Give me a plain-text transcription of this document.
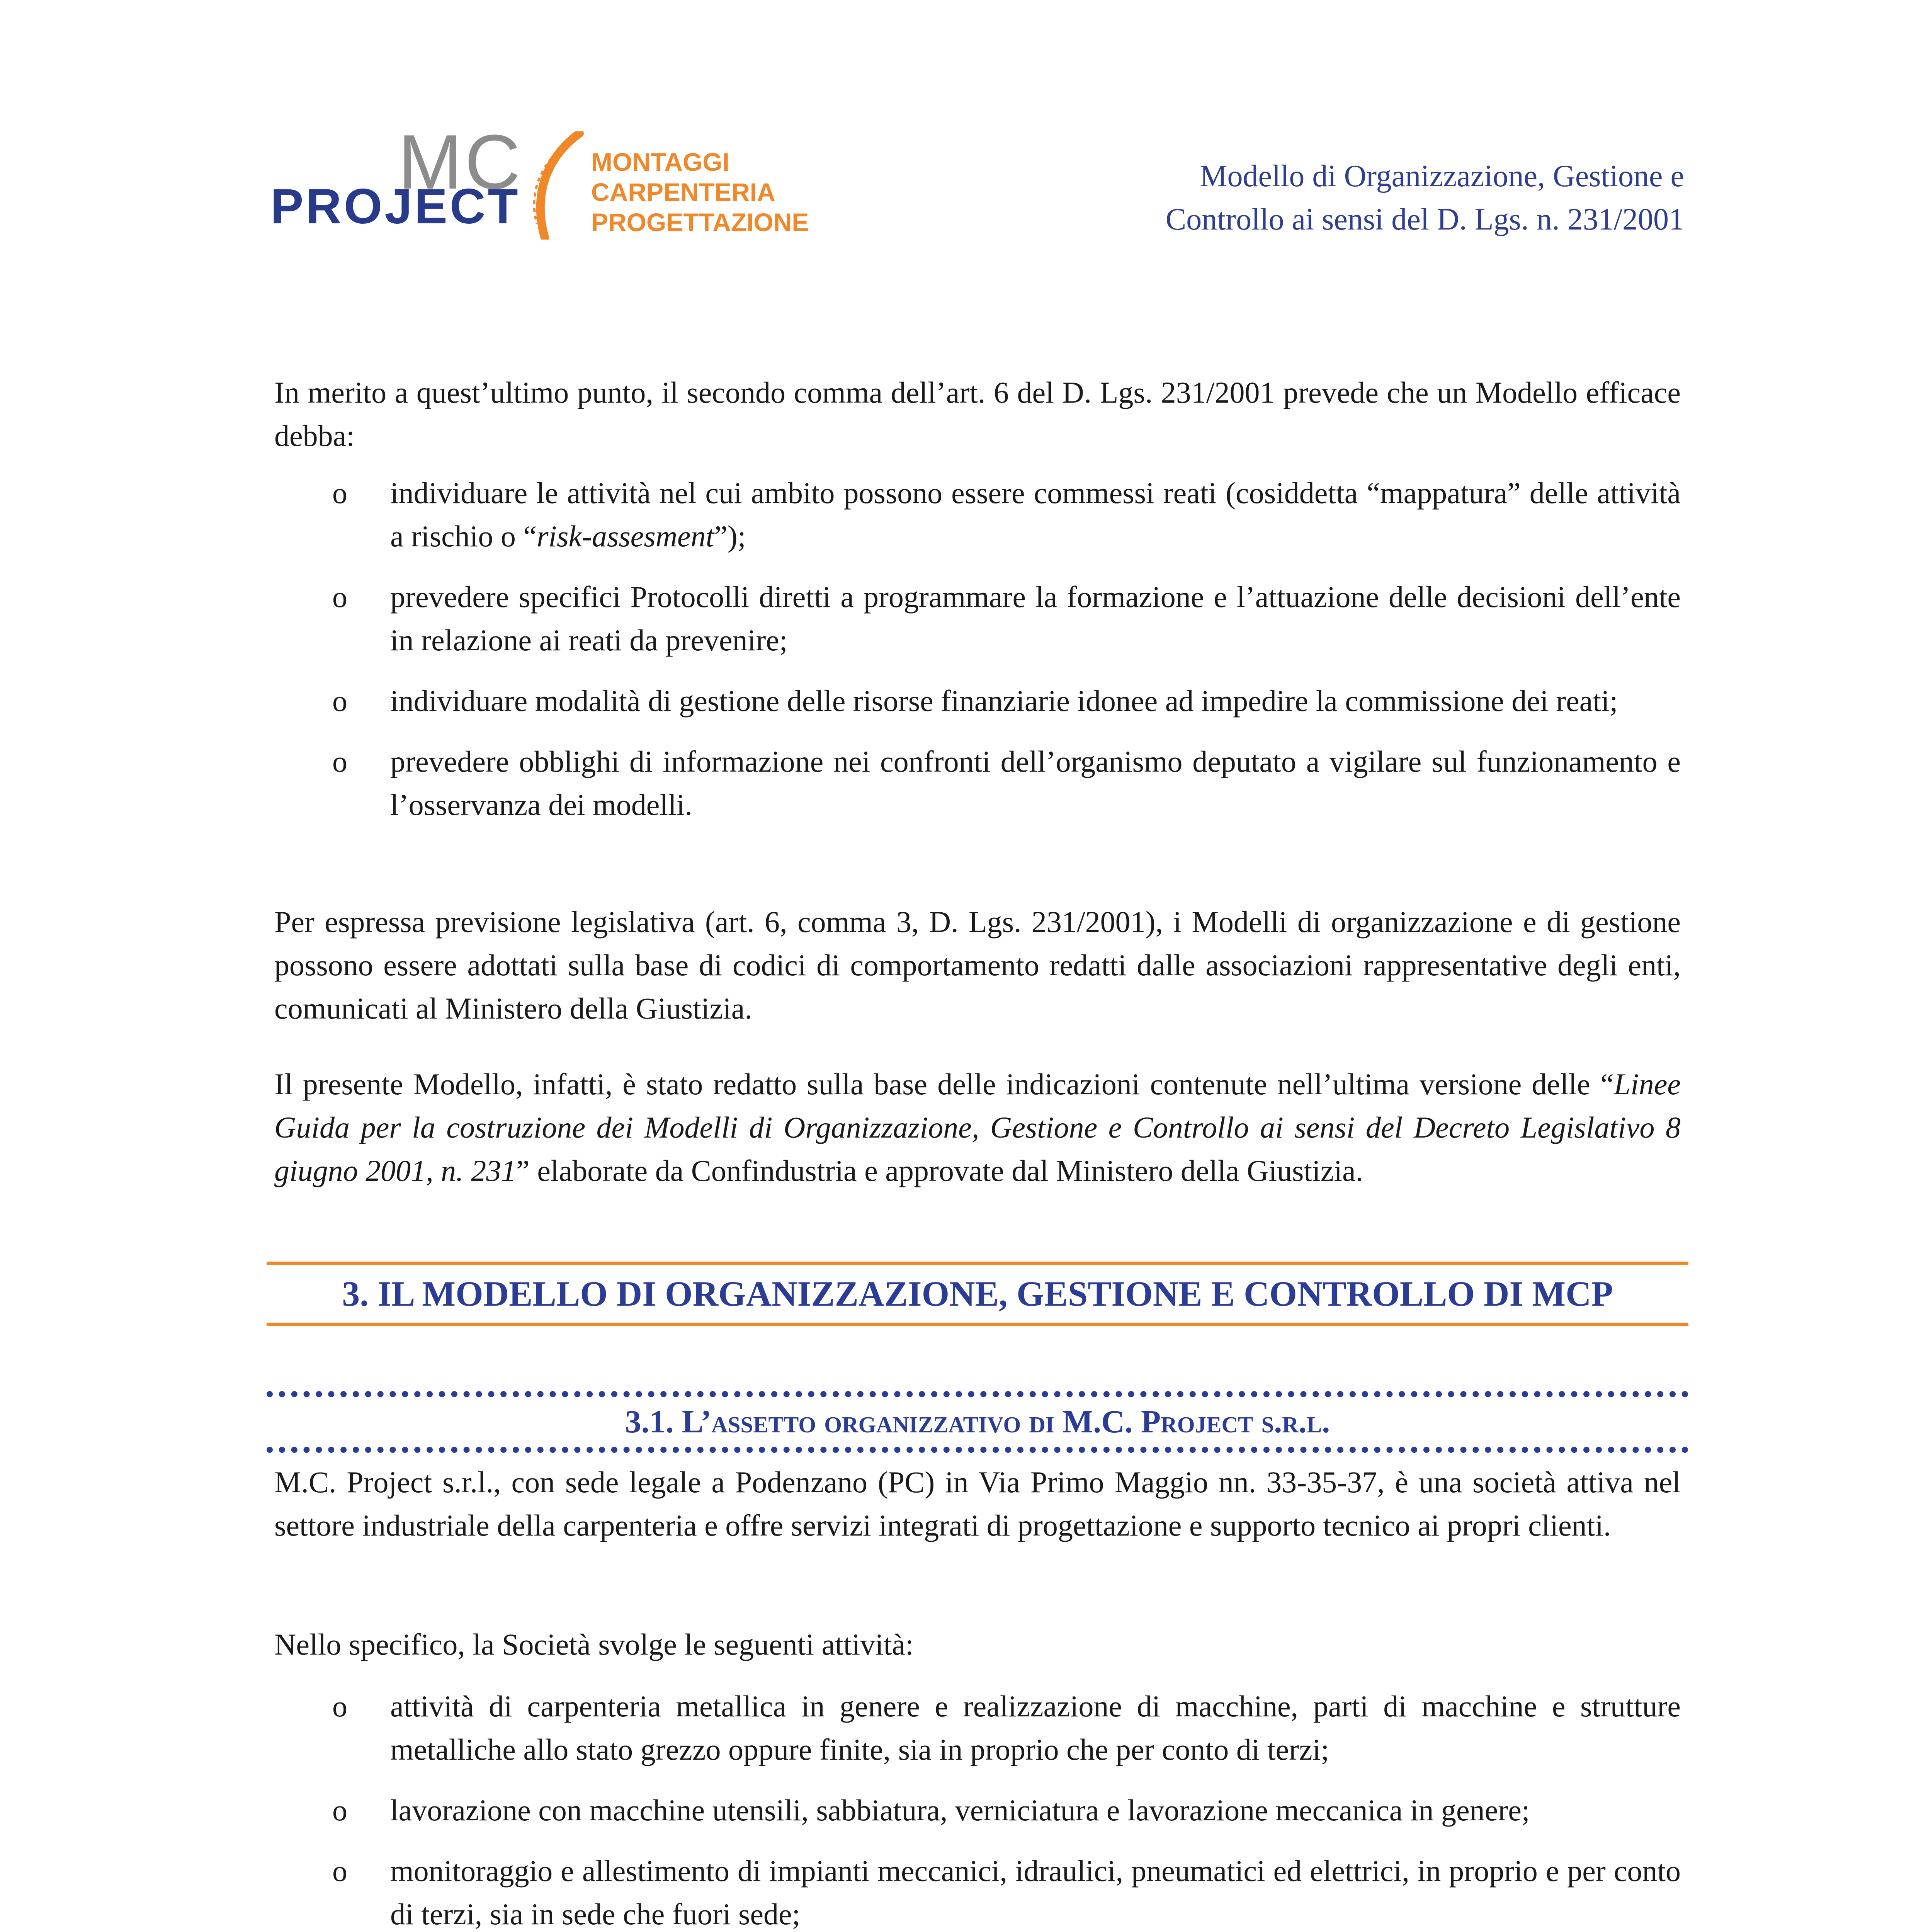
MC
PROJECT
MONTAGGI
CARPENTERIA
PROGETTAZIONE
Modello di Organizzazione, Gestione e
Controllo ai sensi del D. Lgs. n. 231/2001
In merito a quest’ultimo punto, il secondo comma dell’art. 6 del D. Lgs. 231/2001 prevede che un Modello efficace debba:
o individuare le attività nel cui ambito possono essere commessi reati (cosiddetta “mappatura” delle attività a rischio o “risk-assesment”);
o prevedere specifici Protocolli diretti a programmare la formazione e l’attuazione delle decisioni dell’ente in relazione ai reati da prevenire;
o individuare modalità di gestione delle risorse finanziarie idonee ad impedire la commissione dei reati;
o prevedere obblighi di informazione nei confronti dell’organismo deputato a vigilare sul funzionamento e l’osservanza dei modelli.
Per espressa previsione legislativa (art. 6, comma 3, D. Lgs. 231/2001), i Modelli di organizzazione e di gestione possono essere adottati sulla base di codici di comportamento redatti dalle associazioni rappresentative degli enti, comunicati al Ministero della Giustizia.
Il presente Modello, infatti, è stato redatto sulla base delle indicazioni contenute nell’ultima versione delle “Linee Guida per la costruzione dei Modelli di Organizzazione, Gestione e Controllo ai sensi del Decreto Legislativo 8 giugno 2001, n. 231” elaborate da Confindustria e approvate dal Ministero della Giustizia.
3. IL MODELLO DI ORGANIZZAZIONE, GESTIONE E CONTROLLO DI MCP
3.1. L’assetto organizzativo di M.C. Project s.r.l.
M.C. Project s.r.l., con sede legale a Podenzano (PC) in Via Primo Maggio nn. 33-35-37, è una società attiva nel settore industriale della carpenteria e offre servizi integrati di progettazione e supporto tecnico ai propri clienti.
Nello specifico, la Società svolge le seguenti attività:
o attività di carpenteria metallica in genere e realizzazione di macchine, parti di macchine e strutture metalliche allo stato grezzo oppure finite, sia in proprio che per conto di terzi;
o lavorazione con macchine utensili, sabbiatura, verniciatura e lavorazione meccanica in genere;
o monitoraggio e allestimento di impianti meccanici, idraulici, pneumatici ed elettrici, in proprio e per conto di terzi, sia in sede che fuori sede;
